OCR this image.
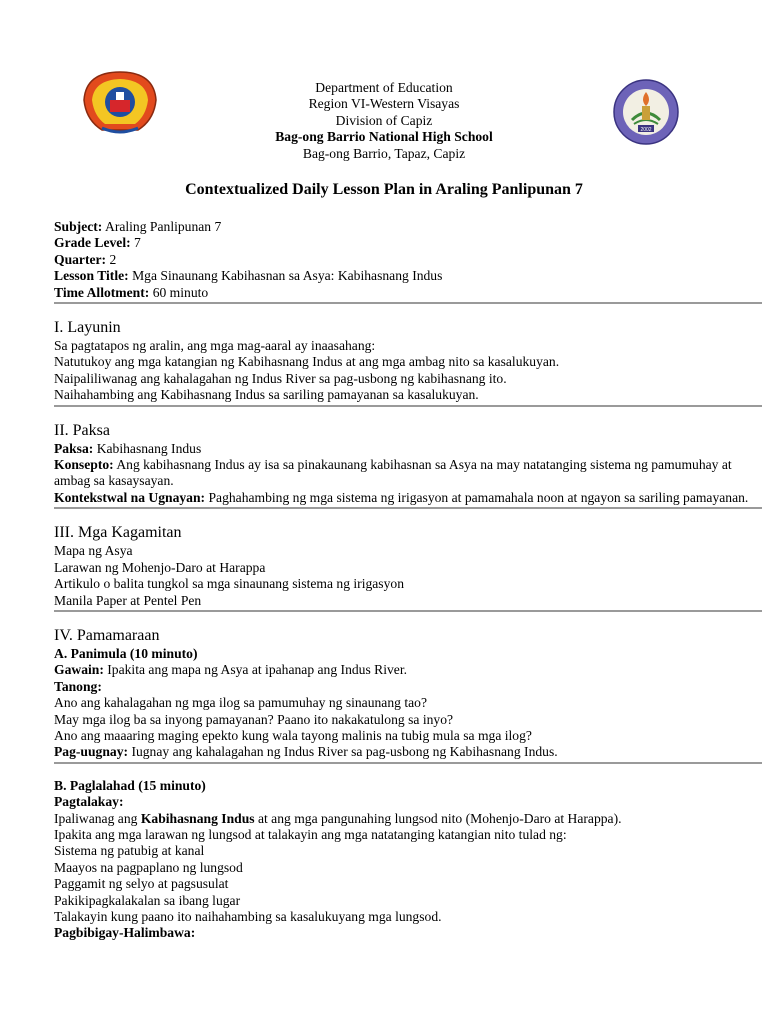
Department of Education
Region VI-Western Visayas
Division of Capiz
Bag-ong Barrio National High School
Bag-ong Barrio, Tapaz, Capiz
2002
Contextualized Daily Lesson Plan in Araling Panlipunan 7

Subject: Araling Panlipunan 7

Grade Level: 7

Quarter: 2

Lesson Title: Mga Sinaunang Kabihasnan sa Asya: Kabihasnang Indus

Time Allotment: 60 minuto

I. Layunin

Sa pagtatapos ng aralin, ang mga mag-aaral ay inaasahang:

Natutukoy ang mga katangian ng Kabihasnang Indus at ang mga ambag nito sa kasalukuyan.

Naipaliliwanag ang kahalagahan ng Indus River sa pag-usbong ng kabihasnang ito.

Naihahambing ang Kabihasnang Indus sa sariling pamayanan sa kasalukuyan.

II. Paksa

Paksa: Kabihasnang Indus

Konsepto: Ang kabihasnang Indus ay isa sa pinakaunang kabihasnan sa Asya na may natatanging sistema ng pamumuhay at ambag sa kasaysayan.

Kontekstwal na Ugnayan: Paghahambing ng mga sistema ng irigasyon at pamamahala noon at ngayon sa sariling pamayanan.

III. Mga Kagamitan

Mapa ng Asya

Larawan ng Mohenjo-Daro at Harappa

Artikulo o balita tungkol sa mga sinaunang sistema ng irigasyon

Manila Paper at Pentel Pen

IV. Pamamaraan

A. Panimula (10 minuto)

Gawain: Ipakita ang mapa ng Asya at ipahanap ang Indus River.

Tanong:

Ano ang kahalagahan ng mga ilog sa pamumuhay ng sinaunang tao?

May mga ilog ba sa inyong pamayanan? Paano ito nakakatulong sa inyo?

Ano ang maaaring maging epekto kung wala tayong malinis na tubig mula sa mga ilog?

Pag-uugnay: Iugnay ang kahalagahan ng Indus River sa pag-usbong ng Kabihasnang Indus.

B. Paglalahad (15 minuto)

Pagtalakay:

Ipaliwanag ang Kabihasnang Indus at ang mga pangunahing lungsod nito (Mohenjo-Daro at Harappa).

Ipakita ang mga larawan ng lungsod at talakayin ang mga natatanging katangian nito tulad ng:

Sistema ng patubig at kanal

Maayos na pagpaplano ng lungsod

Paggamit ng selyo at pagsusulat

Pakikipagkalakalan sa ibang lugar

Talakayin kung paano ito naihahambing sa kasalukuyang mga lungsod.

Pagbibigay-Halimbawa:
